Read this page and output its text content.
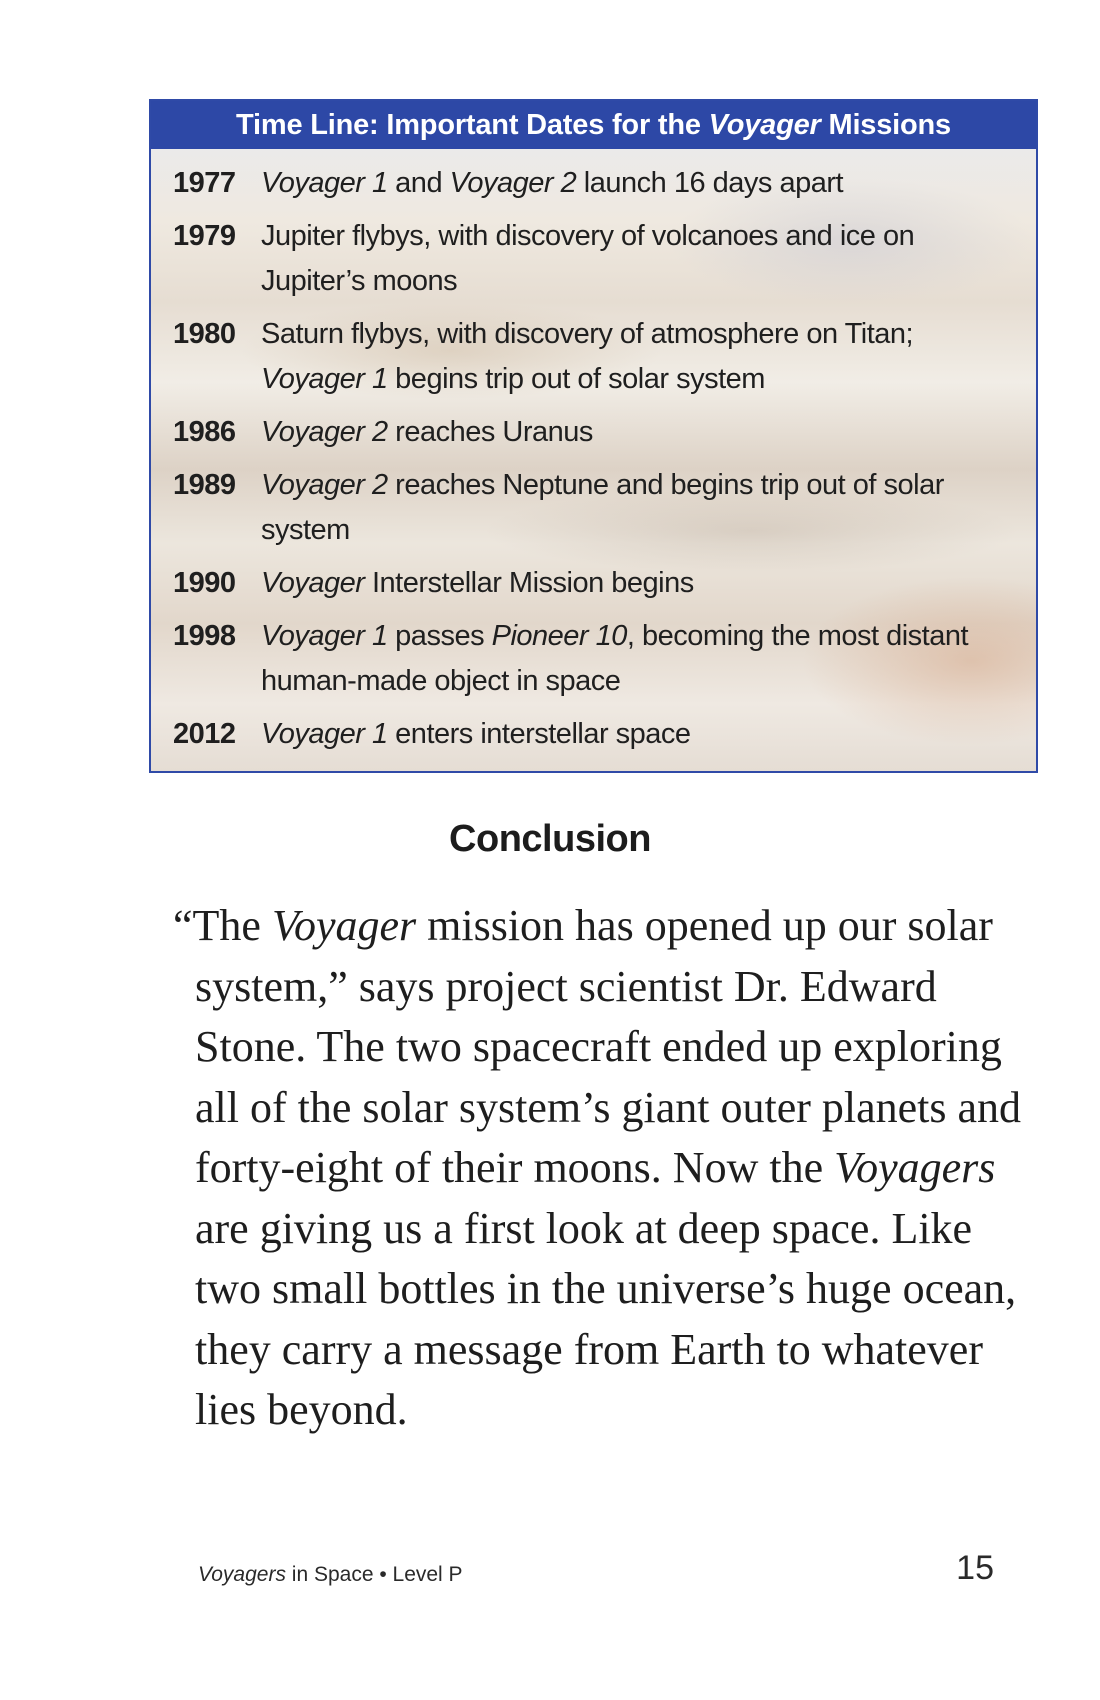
Time Line: Important Dates for the Voyager Missions
1977 Voyager 1 and Voyager 2 launch 16 days apart
1979 Jupiter flybys, with discovery of volcanoes and ice on Jupiter’s moons
1980 Saturn flybys, with discovery of atmosphere on Titan; Voyager 1 begins trip out of solar system
1986 Voyager 2 reaches Uranus
1989 Voyager 2 reaches Neptune and begins trip out of solar system
1990 Voyager Interstellar Mission begins
1998 Voyager 1 passes Pioneer 10, becoming the most distant human-made object in space
2012 Voyager 1 enters interstellar space
Conclusion

“The Voyager mission has opened up our solar system,” says project scientist Dr. Edward Stone. The two spacecraft ended up exploring all of the solar system’s giant outer planets and forty-eight of their moons. Now the Voyagers are giving us a first look at deep space. Like two small bottles in the universe’s huge ocean, they carry a message from Earth to whatever lies beyond.

Voyagers in Space • Level P	15
